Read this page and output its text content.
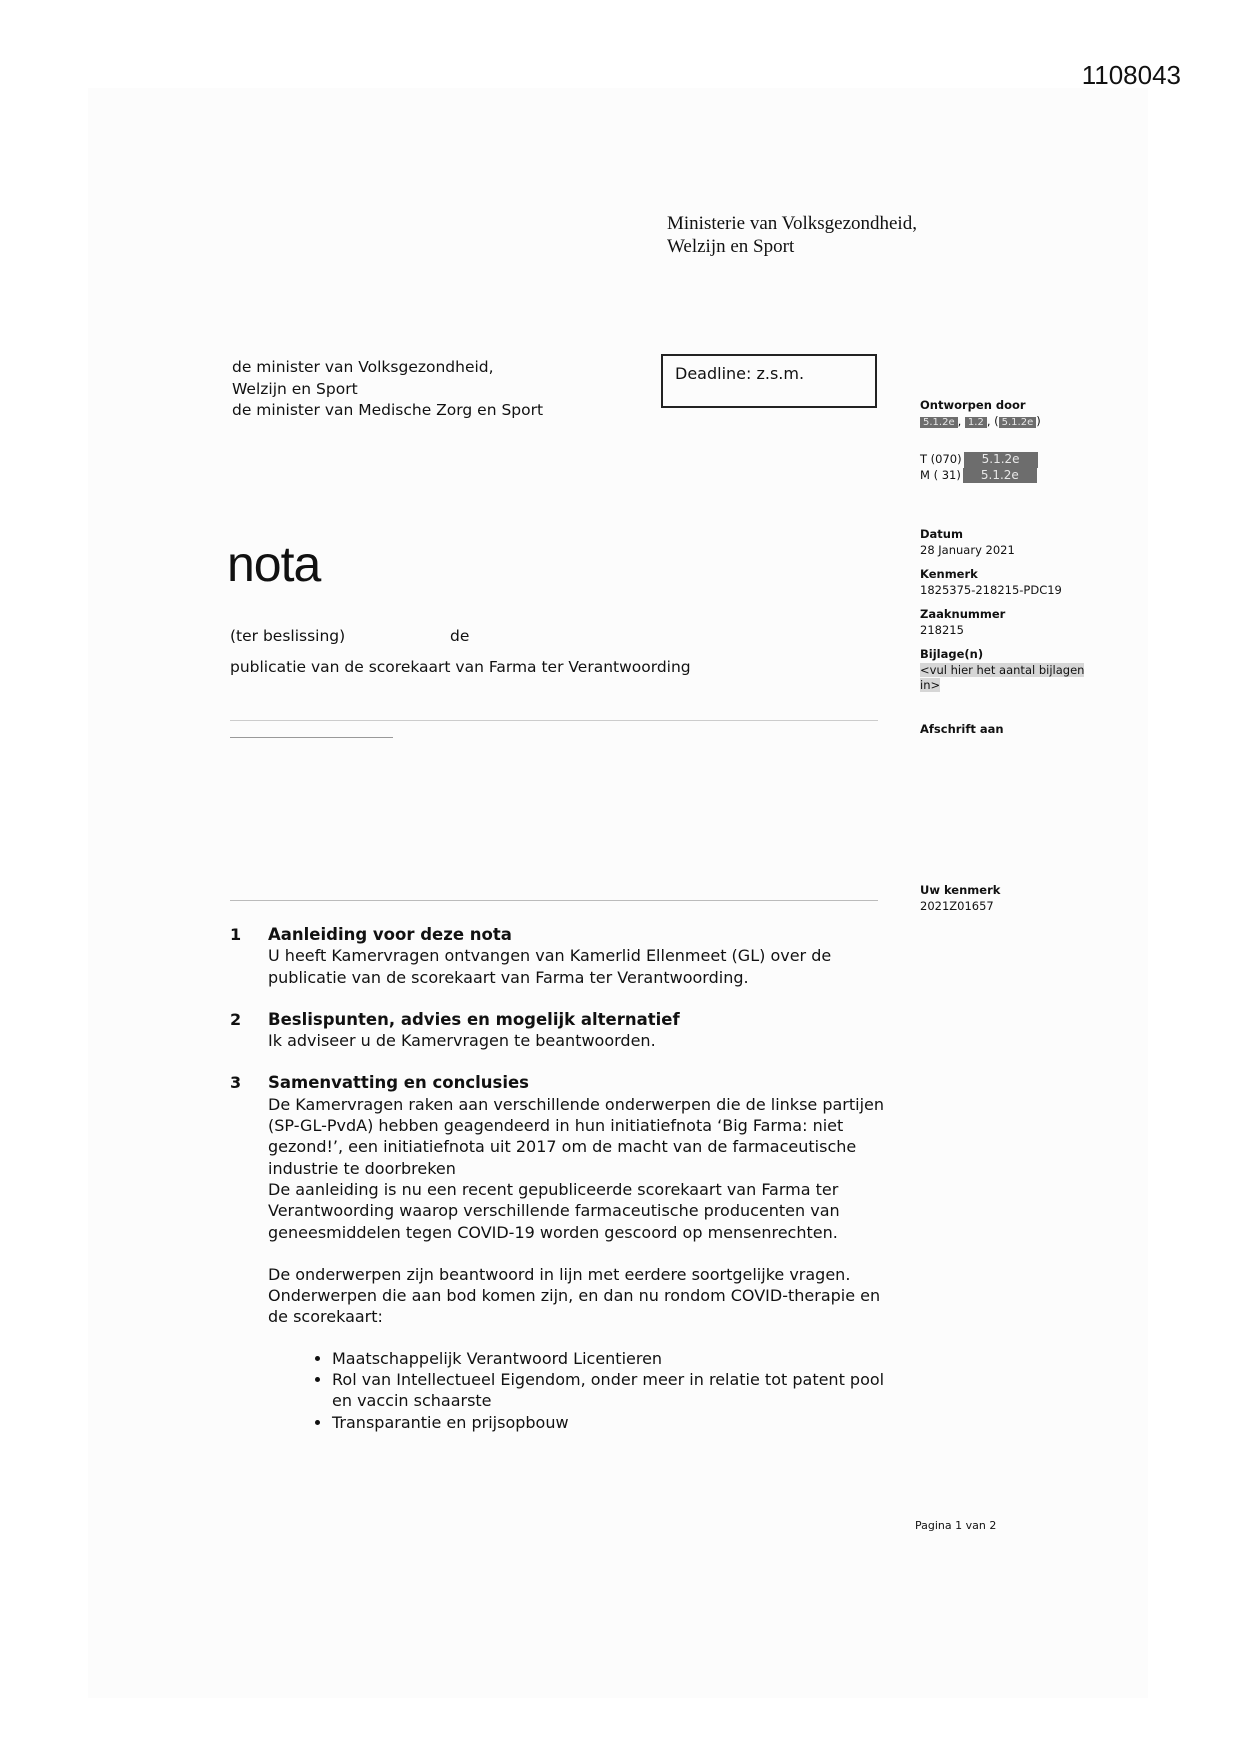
1108043
Ministerie van Volksgezondheid,
Welzijn en Sport
de minister van Volksgezondheid,
Welzijn en Sport
de minister van Medische Zorg en Sport
Deadline: z.s.m.
nota
(ter beslissing)	de
publicatie van de scorekaart van Farma ter Verantwoording
Ontworpen door
5.1.2e , 1.2 , ( 5.1.2e )
T (070) 5.1.2e
M ( 31) 5.1.2e
Datum
28 January 2021
Kenmerk
1825375-218215-PDC19
Zaaknummer
218215
Bijlage(n)
<vul hier het aantal bijlagen
in>
Afschrift aan
Uw kenmerk
2021Z01657
1 Aanleiding voor deze nota
U heeft Kamervragen ontvangen van Kamerlid Ellenmeet (GL) over de
publicatie van de scorekaart van Farma ter Verantwoording.
2 Beslispunten, advies en mogelijk alternatief
Ik adviseer u de Kamervragen te beantwoorden.
3 Samenvatting en conclusies
De Kamervragen raken aan verschillende onderwerpen die de linkse partijen
(SP-GL-PvdA) hebben geagendeerd in hun initiatiefnota ‘Big Farma: niet
gezond!’, een initiatiefnota uit 2017 om de macht van de farmaceutische
industrie te doorbreken
De aanleiding is nu een recent gepubliceerde scorekaart van Farma ter
Verantwoording waarop verschillende farmaceutische producenten van
geneesmiddelen tegen COVID-19 worden gescoord op mensenrechten.
De onderwerpen zijn beantwoord in lijn met eerdere soortgelijke vragen.
Onderwerpen die aan bod komen zijn, en dan nu rondom COVID-therapie en
de scorekaart:
• Maatschappelijk Verantwoord Licentieren
• Rol van Intellectueel Eigendom, onder meer in relatie tot patent pool
en vaccin schaarste
• Transparantie en prijsopbouw
Pagina 1 van 2
